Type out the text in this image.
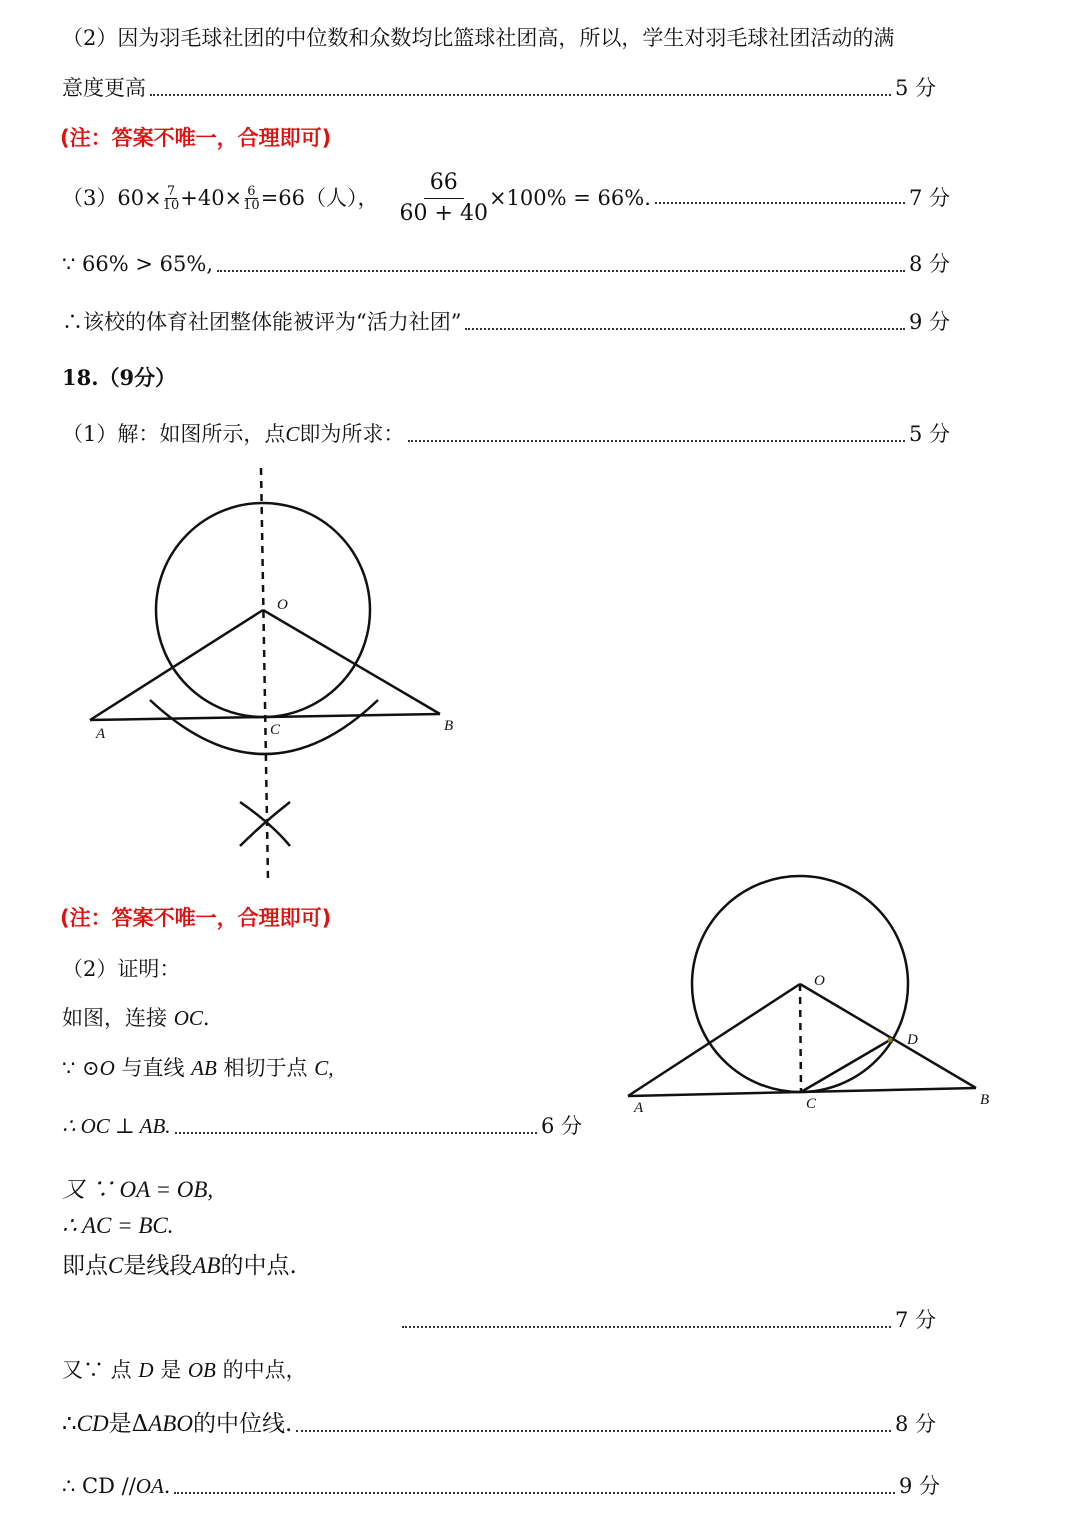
（2）因为羽毛球社团的中位数和众数均比篮球社团高，所以，学生对羽毛球社团活动的满
意度更高	5 分
(注：答案不唯一，合理即可)
$(3)60\times \frac{7}{10} +40\times \frac{6}{10} =66$（人）， $\frac{66}{60 + 40} \times 100\% = 66\%$.	7 分
∵ 66% > 65%,	8 分
∴该校的体育社团整体能被评为“活力社团”	9 分
18.（9分）
（1）解：如图所示，点 C 即为所求：	5 分
O
A	B
C
O
A	B
C
D
(注：答案不唯一，合理即可)
（2）证明：
如图，连接 OC.
∵ ⊙O 与直线 AB 相切于点 C,
∴ OC ⊥ AB.	6 分
又 ∵ OA = OB,
∴ AC = BC.
即点C是线段AB的中点.
7 分
又∵ 点 D 是 OB 的中点，
∴ CD 是Δ ABO 的中位线.	8 分
∴ CD // OA .	9 分
